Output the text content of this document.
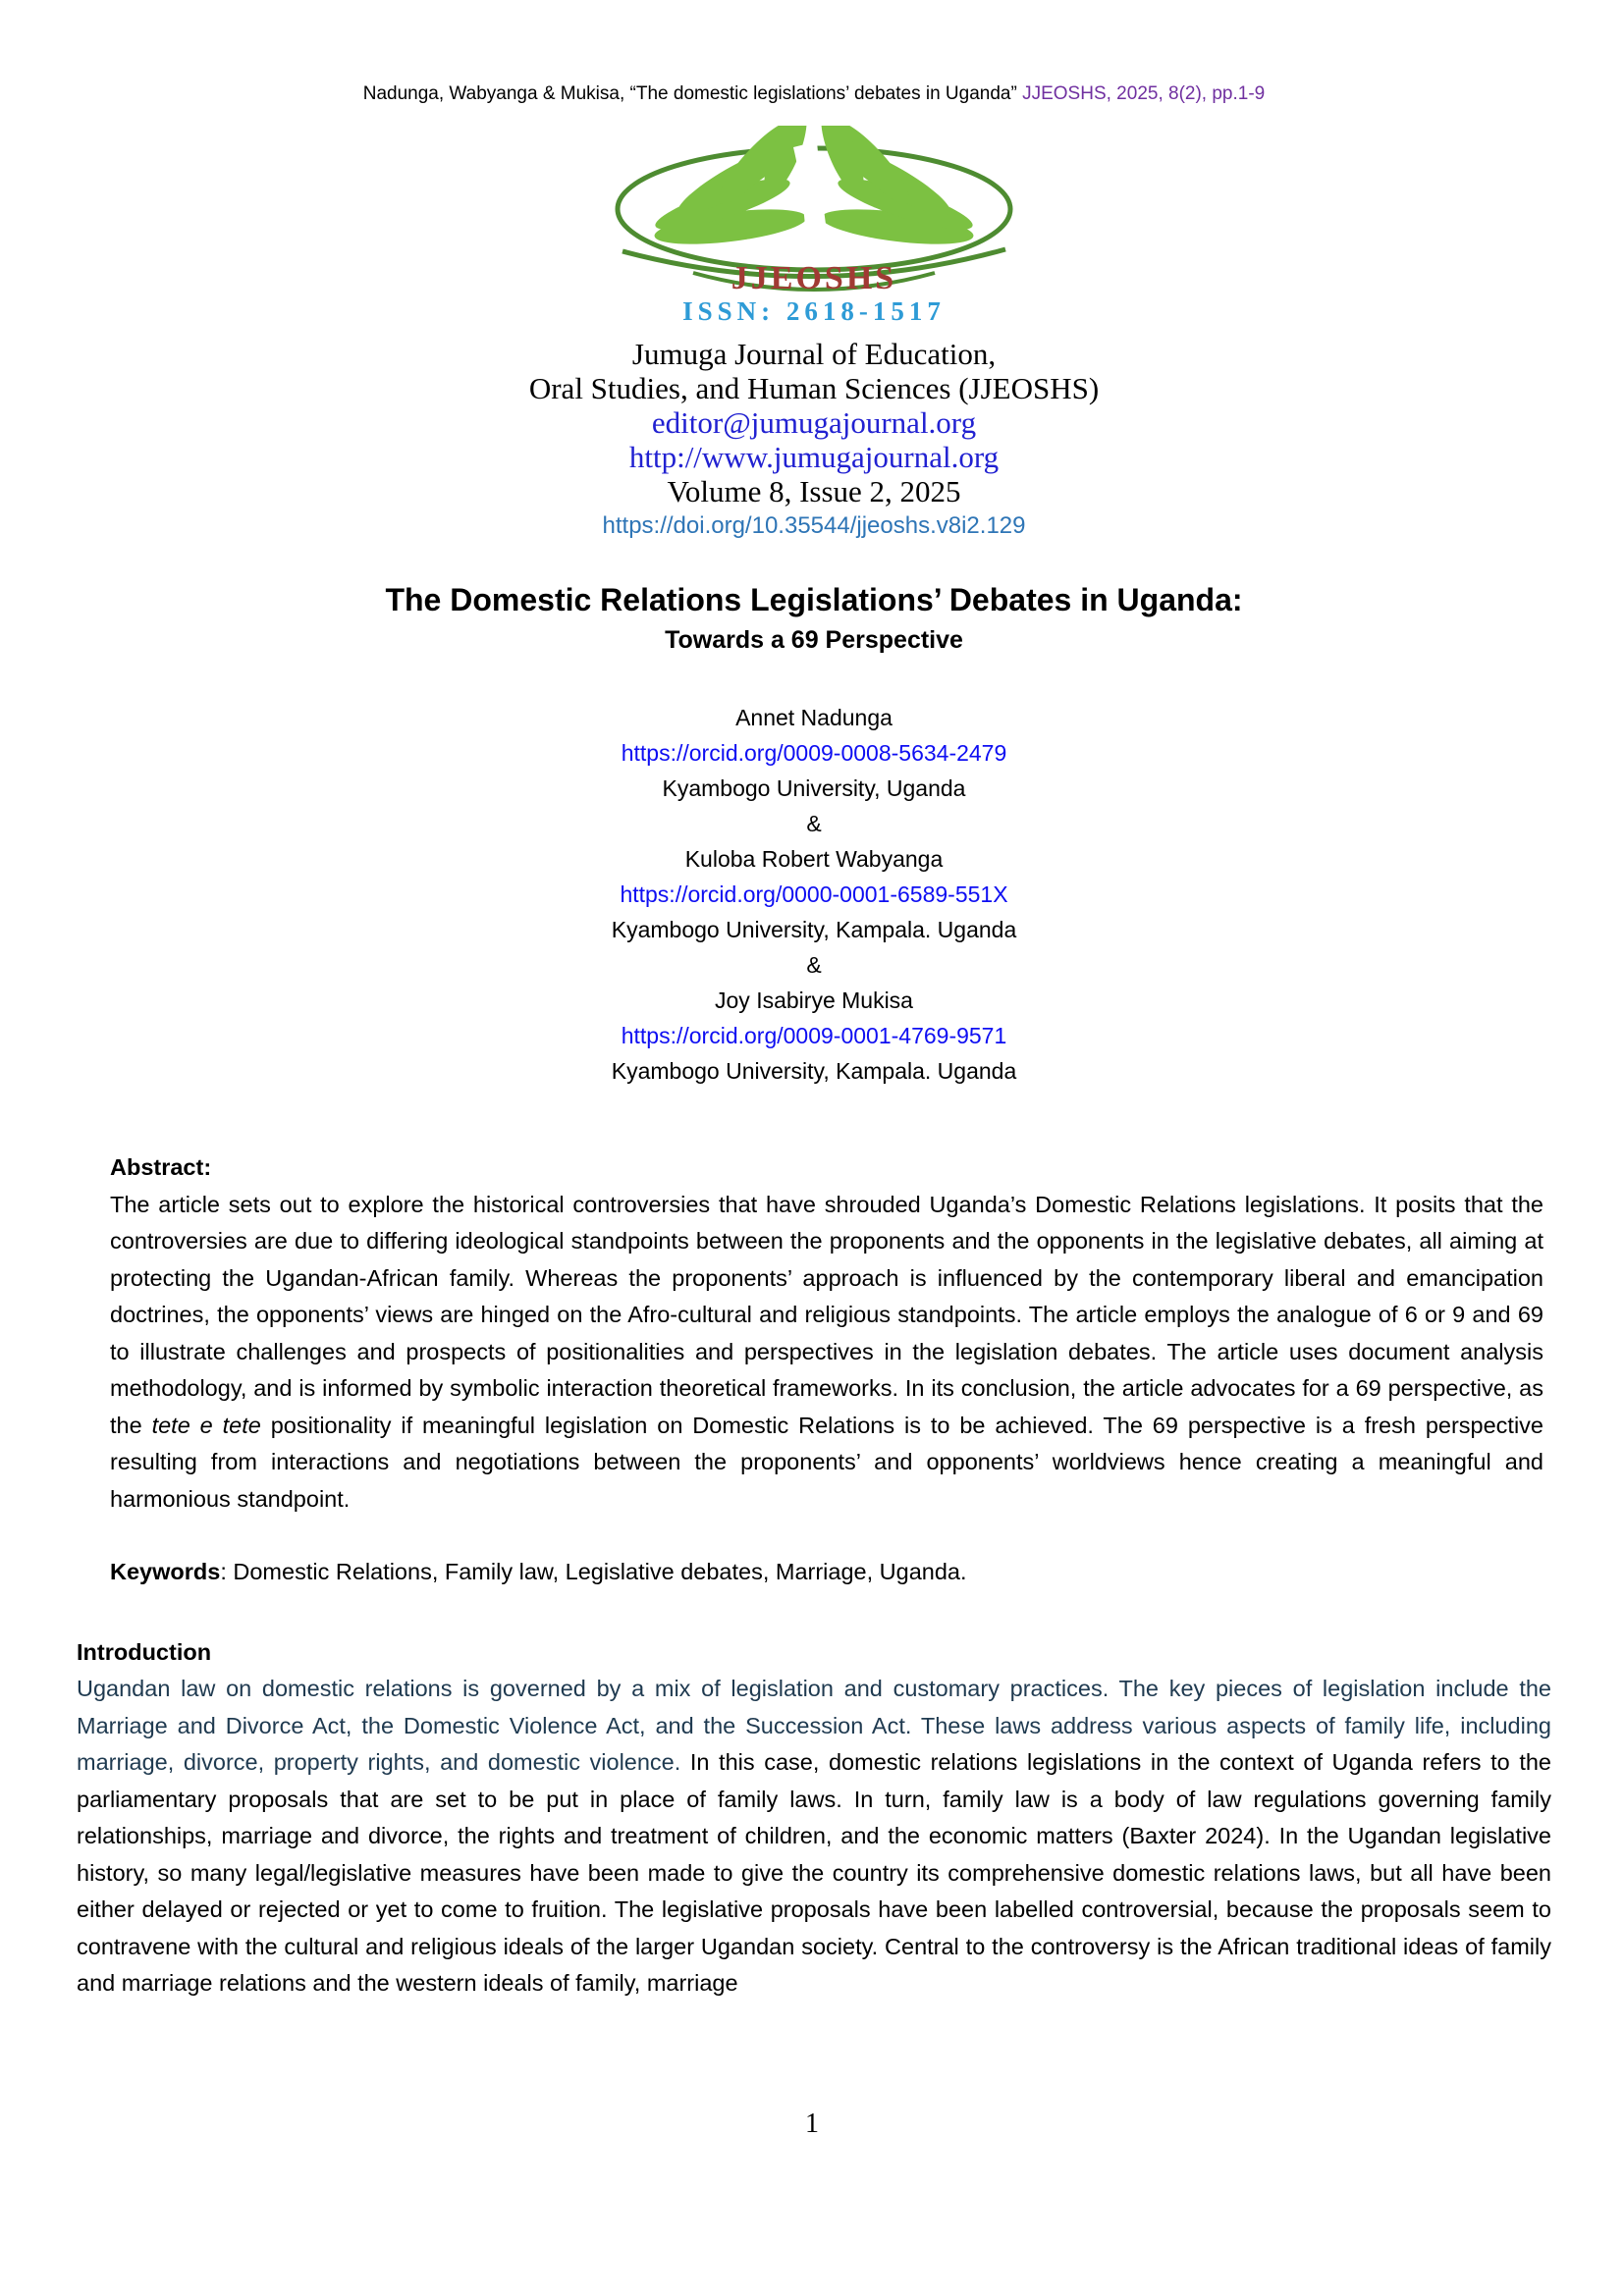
Nadunga, Wabyanga & Mukisa, “The domestic legislations’ debates in Uganda” JJEOSHS, 2025, 8(2), pp.1-9
JJEOSHS
ISSN: 2618-1517
Jumuga Journal of Education,
Oral Studies, and Human Sciences (JJEOSHS)
editor@jumugajournal.org
http://www.jumugajournal.org
Volume 8, Issue 2, 2025
https://doi.org/10.35544/jjeoshs.v8i2.129
The Domestic Relations Legislations’ Debates in Uganda:
Towards a 69 Perspective
Annet Nadunga
https://orcid.org/0009-0008-5634-2479
Kyambogo University, Uganda
&
Kuloba Robert Wabyanga
https://orcid.org/0000-0001-6589-551X
Kyambogo University, Kampala. Uganda
&
Joy Isabirye Mukisa
https://orcid.org/0009-0001-4769-9571
Kyambogo University, Kampala. Uganda
Abstract:

The article sets out to explore the historical controversies that have shrouded Uganda’s Domestic Relations legislations. It posits that the controversies are due to differing ideological standpoints between the proponents and the opponents in the legislative debates, all aiming at protecting the Ugandan-African family. Whereas the proponents’ approach is influenced by the contemporary liberal and emancipation doctrines, the opponents’ views are hinged on the Afro-cultural and religious standpoints. The article employs the analogue of 6 or 9 and 69 to illustrate challenges and prospects of positionalities and perspectives in the legislation debates. The article uses document analysis methodology, and is informed by symbolic interaction theoretical frameworks. In its conclusion, the article advocates for a 69 perspective, as the tete e tete positionality if meaningful legislation on Domestic Relations is to be achieved. The 69 perspective is a fresh perspective resulting from interactions and negotiations between the proponents’ and opponents’ worldviews hence creating a meaningful and harmonious standpoint.

Keywords: Domestic Relations, Family law, Legislative debates, Marriage, Uganda.

Introduction

Ugandan law on domestic relations is governed by a mix of legislation and customary practices. The key pieces of legislation include the Marriage and Divorce Act, the Domestic Violence Act, and the Succession Act. These laws address various aspects of family life, including marriage, divorce, property rights, and domestic violence. In this case, domestic relations legislations in the context of Uganda refers to the parliamentary proposals that are set to be put in place of family laws. In turn, family law is a body of law regulations governing family relationships, marriage and divorce, the rights and treatment of children, and the economic matters (Baxter 2024). In the Ugandan legislative history, so many legal/legislative measures have been made to give the country its comprehensive domestic relations laws, but all have been either delayed or rejected or yet to come to fruition. The legislative proposals have been labelled controversial, because the proposals seem to contravene with the cultural and religious ideals of the larger Ugandan society. Central to the controversy is the African traditional ideas of family and marriage relations and the western ideals of family, marriage

1
